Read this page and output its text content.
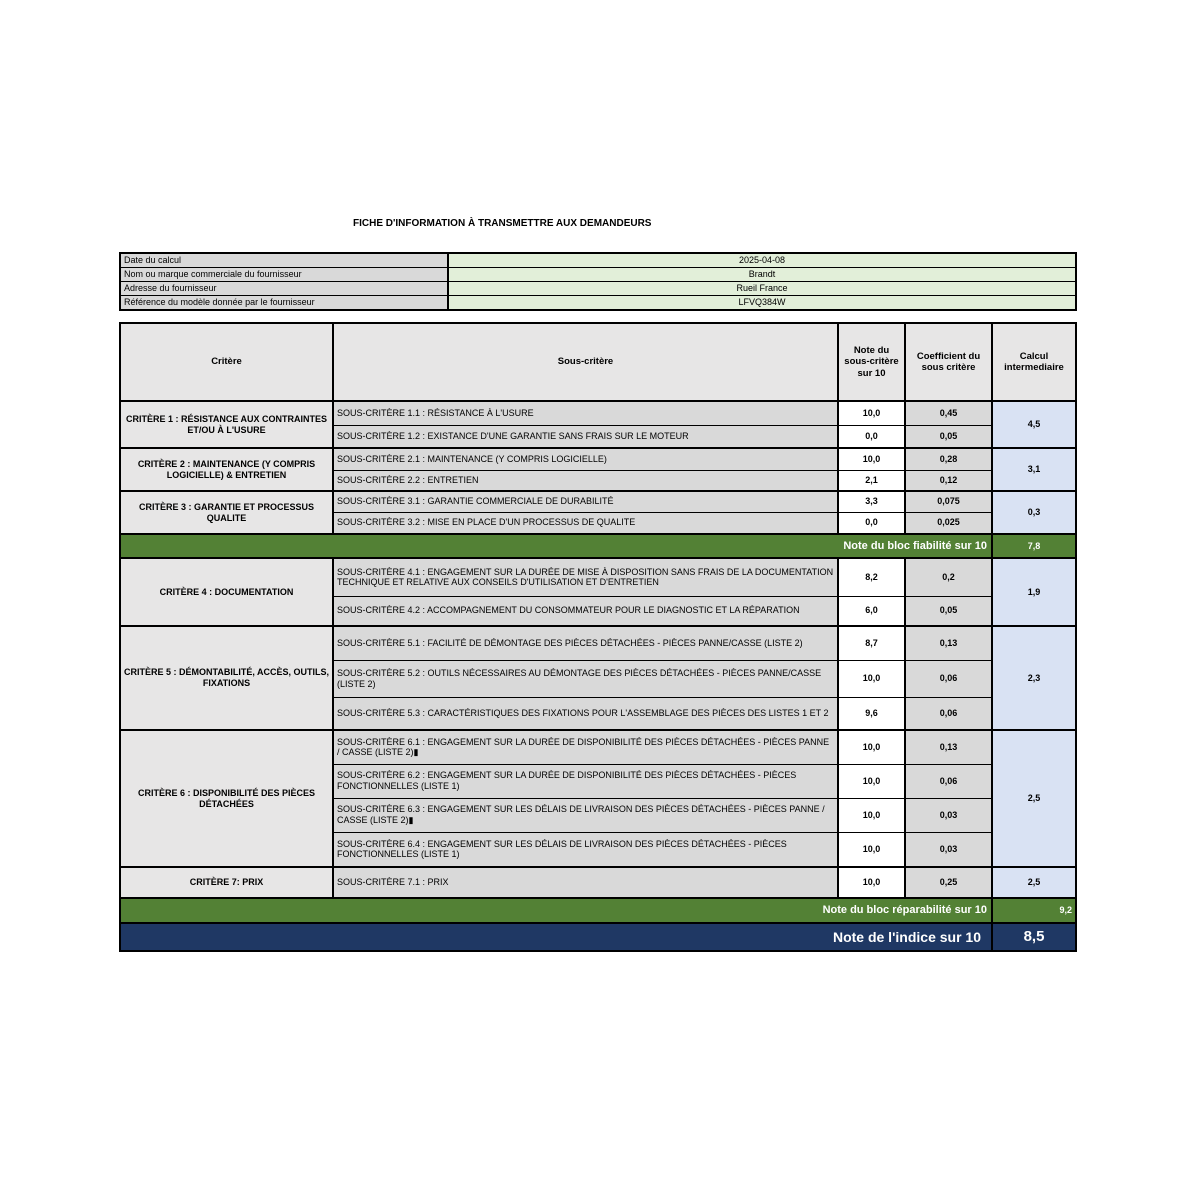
FICHE D'INFORMATION À TRANSMETTRE AUX DEMANDEURS
Date du calcul	2025-04-08
Nom ou marque commerciale du fournisseur	Brandt
Adresse du fournisseur	Rueil France
Référence du modèle donnée par le fournisseur	LFVQ384W
Critère	Sous-critère	Note du sous-critère sur 10	Coefficient du sous critère	Calcul intermediaire
CRITÈRE 1 : RÉSISTANCE AUX CONTRAINTES ET/OU À L'USURE	SOUS-CRITÈRE 1.1 : RÉSISTANCE À L'USURE	10,0	0,45	4,5
	SOUS-CRITÈRE 1.2 : EXISTANCE D'UNE GARANTIE SANS FRAIS SUR LE MOTEUR	0,0	0,05	
CRITÈRE 2 : MAINTENANCE (Y COMPRIS LOGICIELLE) & ENTRETIEN	SOUS-CRITÈRE 2.1 : MAINTENANCE (Y COMPRIS LOGICIELLE)	10,0	0,28	3,1
	SOUS-CRITÈRE 2.2 : ENTRETIEN	2,1	0,12	
CRITÈRE 3 : GARANTIE ET PROCESSUS QUALITE	SOUS-CRITÈRE 3.1 : GARANTIE COMMERCIALE DE DURABILITÉ	3,3	0,075	0,3
	SOUS-CRITÈRE 3.2 : MISE EN PLACE D'UN PROCESSUS DE QUALITE	0,0	0,025	
Note du bloc fiabilité sur 10				7,8
CRITÈRE 4 : DOCUMENTATION	SOUS-CRITÈRE 4.1 : ENGAGEMENT SUR LA DURÉE DE MISE À DISPOSITION SANS FRAIS DE LA DOCUMENTATION TECHNIQUE ET RELATIVE AUX CONSEILS D'UTILISATION ET D'ENTRETIEN	8,2	0,2	1,9
	SOUS-CRITÈRE 4.2 : ACCOMPAGNEMENT DU CONSOMMATEUR POUR LE DIAGNOSTIC ET LA RÉPARATION	6,0	0,05	
CRITÈRE 5 : DÉMONTABILITÉ, ACCÈS, OUTILS, FIXATIONS	SOUS-CRITÈRE 5.1 : FACILITÉ DE DÉMONTAGE DES PIÈCES DÉTACHÉES - PIÈCES PANNE/CASSE (LISTE 2)	8,7	0,13	2,3
	SOUS-CRITÈRE 5.2 : OUTILS NÉCESSAIRES AU DÉMONTAGE DES PIÈCES DÉTACHÉES - PIÈCES PANNE/CASSE (LISTE 2)	10,0	0,06	
	SOUS-CRITÈRE 5.3 : CARACTÉRISTIQUES DES FIXATIONS POUR L'ASSEMBLAGE DES PIÈCES DES LISTES 1 ET 2	9,6	0,06	
CRITÈRE 6 : DISPONIBILITÉ DES PIÈCES DÉTACHÉES	SOUS-CRITÈRE 6.1 : ENGAGEMENT SUR LA DURÉE DE DISPONIBILITÉ DES PIÈCES DÉTACHÉES - PIÈCES PANNE / CASSE (LISTE 2)▮	10,0	0,13	2,5
	SOUS-CRITÈRE 6.2 : ENGAGEMENT SUR LA DURÉE DE DISPONIBILITÉ DES PIÈCES DÉTACHÉES - PIÈCES FONCTIONNELLES (LISTE 1)	10,0	0,06	
	SOUS-CRITÈRE 6.3 : ENGAGEMENT SUR LES DÉLAIS DE LIVRAISON DES PIÈCES DÉTACHÉES - PIÈCES PANNE / CASSE (LISTE 2)▮	10,0	0,03	
	SOUS-CRITÈRE 6.4 : ENGAGEMENT SUR LES DÉLAIS DE LIVRAISON DES PIÈCES DÉTACHÉES - PIÈCES FONCTIONNELLES (LISTE 1)	10,0	0,03	
CRITÈRE 7: PRIX	SOUS-CRITÈRE 7.1 : PRIX	10,0	0,25	2,5
Note du bloc réparabilité sur 10				9,2
Note de l'indice sur 10				8,5
